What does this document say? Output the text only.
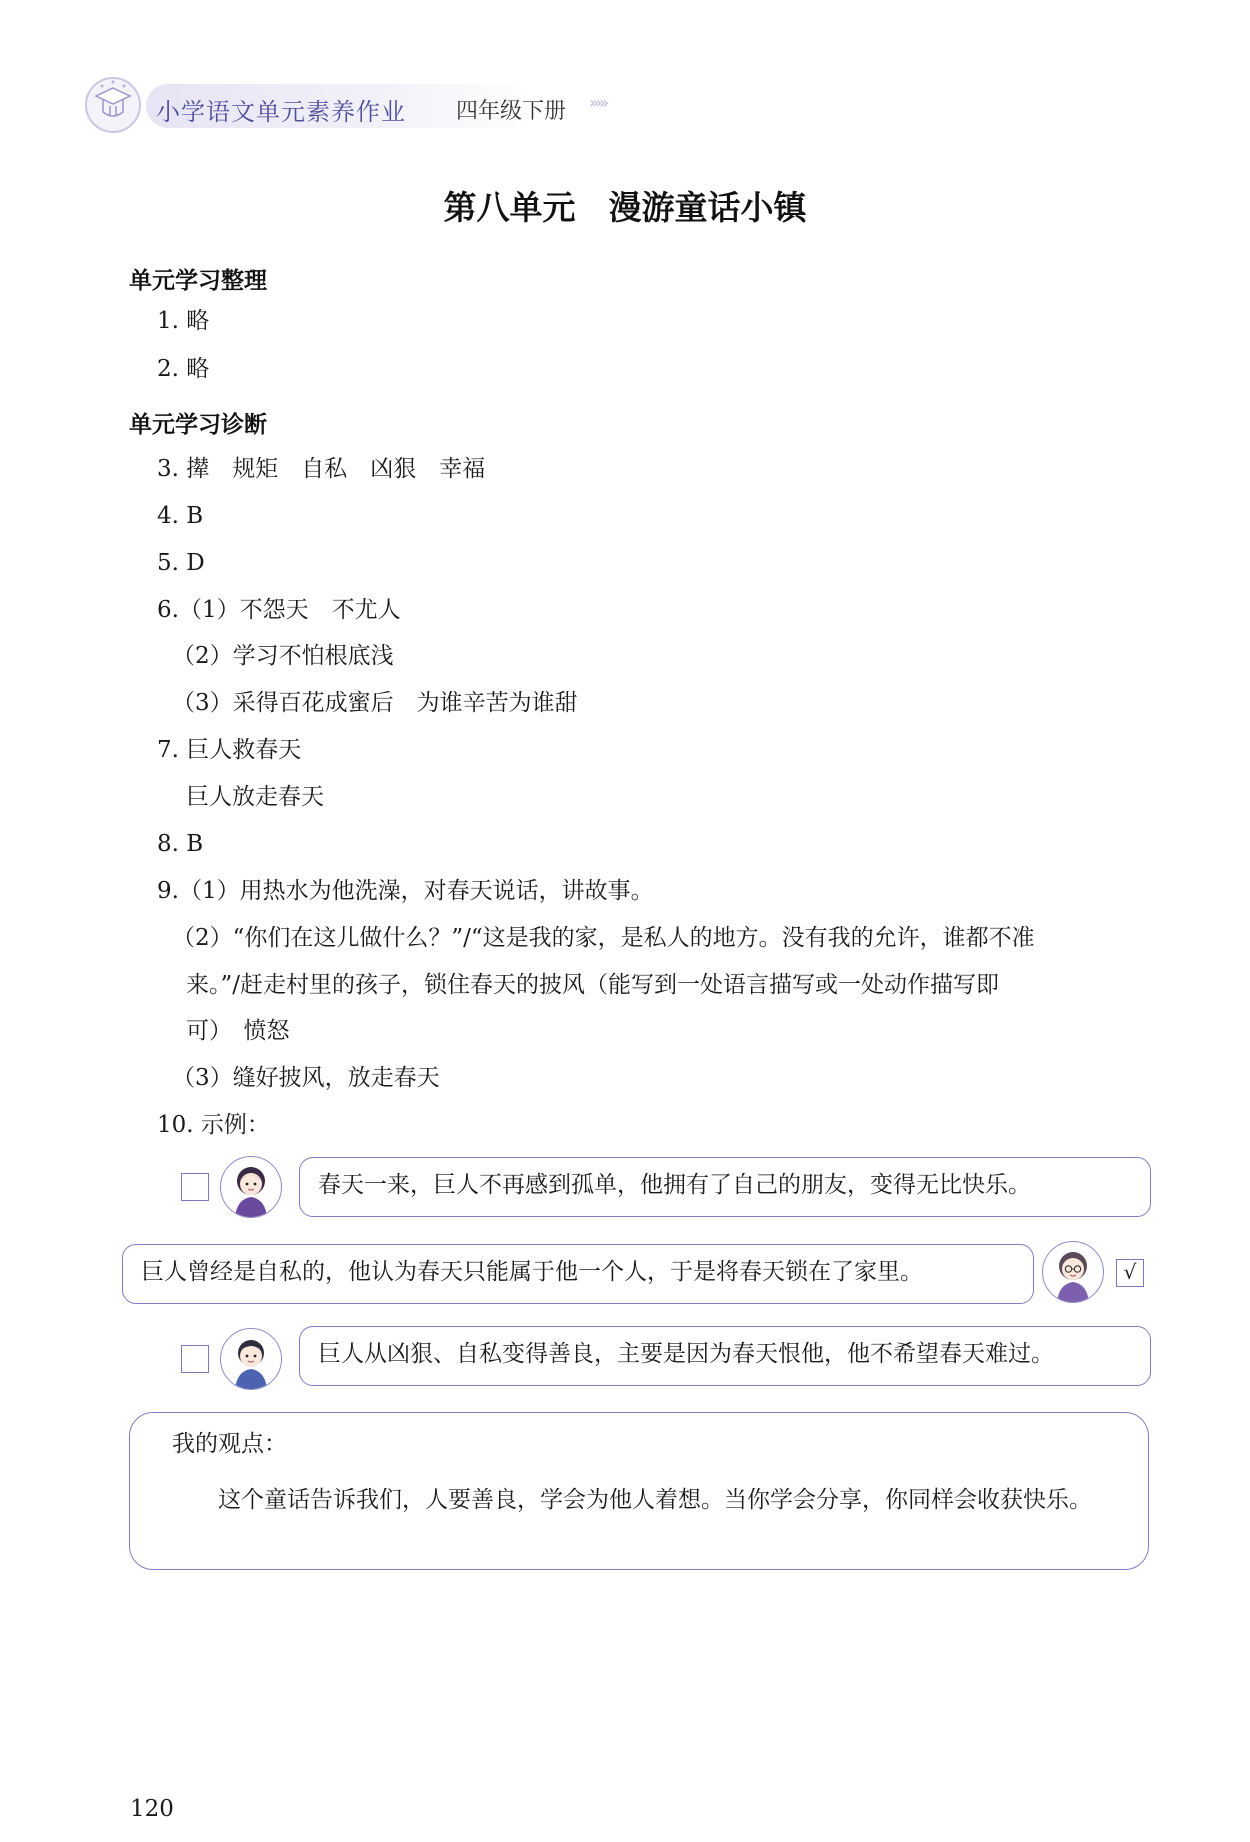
小学语文单元素养作业 四年级下册 ›››››
第八单元　漫游童话小镇
单元学习整理
1. 略
2. 略
单元学习诊断
3. 撵　规矩　自私　凶狠　幸福
4. B
5. D
6.（1）不怨天　不尤人
（2）学习不怕根底浅
（3）采得百花成蜜后　为谁辛苦为谁甜
7. 巨人救春天
巨人放走春天
8. B
9.（1）用热水为他洗澡，对春天说话，讲故事。
（2）“你们在这儿做什么？”/“这是我的家，是私人的地方。没有我的允许，谁都不准
来。”/赶走村里的孩子，锁住春天的披风（能写到一处语言描写或一处动作描写即
可）　愤怒
（3）缝好披风，放走春天
10. 示例：
春天一来，巨人不再感到孤单，他拥有了自己的朋友，变得无比快乐。
巨人曾经是自私的，他认为春天只能属于他一个人，于是将春天锁在了家里。	√
巨人从凶狠、自私变得善良，主要是因为春天恨他，他不希望春天难过。
我的观点：
这个童话告诉我们，人要善良，学会为他人着想。当你学会分享，你同样会收获快乐。
120
